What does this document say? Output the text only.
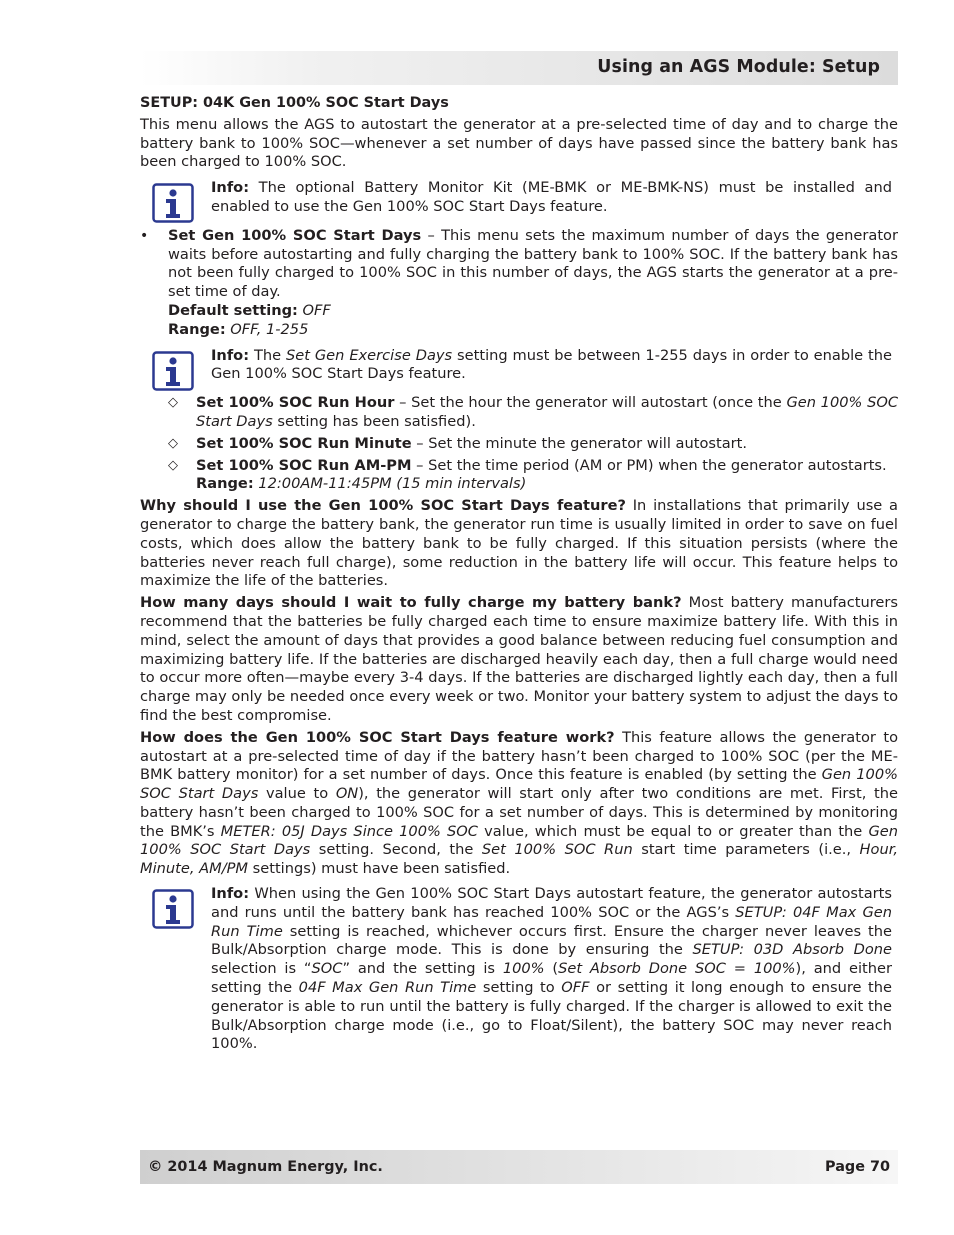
Using an AGS Module: Setup

SETUP: 04K Gen 100% SOC Start Days

This menu allows the AGS to autostart the generator at a pre-selected time of day and to charge the battery bank to 100% SOC—whenever a set number of days have passed since the battery bank has been charged to 100% SOC.

Info: The optional Battery Monitor Kit (ME-BMK or ME-BMK-NS) must be installed and enabled to use the Gen 100% SOC Start Days feature.

• Set Gen 100% SOC Start Days – This menu sets the maximum number of days the generator waits before autostarting and fully charging the battery bank to 100% SOC. If the battery bank has not been fully charged to 100% SOC in this number of days, the AGS starts the generator at a pre-set time of day.

Default setting: OFF

Range: OFF, 1-255

Info: The Set Gen Exercise Days setting must be between 1-255 days in order to enable the Gen 100% SOC Start Days feature.

◇ Set 100% SOC Run Hour – Set the hour the generator will autostart (once the Gen 100% SOC Start Days setting has been satisfied).

◇ Set 100% SOC Run Minute – Set the minute the generator will autostart.

◇ Set 100% SOC Run AM-PM – Set the time period (AM or PM) when the generator autostarts.

Range: 12:00AM-11:45PM (15 min intervals)

Why should I use the Gen 100% SOC Start Days feature? In installations that primarily use a generator to charge the battery bank, the generator run time is usually limited in order to save on fuel costs, which does allow the battery bank to be fully charged. If this situation persists (where the batteries never reach full charge), some reduction in the battery life will occur. This feature helps to maximize the life of the batteries.

How many days should I wait to fully charge my battery bank? Most battery manufacturers recommend that the batteries be fully charged each time to ensure maximize battery life. With this in mind, select the amount of days that provides a good balance between reducing fuel consumption and maximizing battery life. If the batteries are discharged heavily each day, then a full charge would need to occur more often—maybe every 3-4 days. If the batteries are discharged lightly each day, then a full charge may only be needed once every week or two. Monitor your battery system to adjust the days to find the best compromise.

How does the Gen 100% SOC Start Days feature work? This feature allows the generator to autostart at a pre-selected time of day if the battery hasn’t been charged to 100% SOC (per the ME-BMK battery monitor) for a set number of days. Once this feature is enabled (by setting the Gen 100% SOC Start Days value to ON), the generator will start only after two conditions are met. First, the battery hasn’t been charged to 100% SOC for a set number of days. This is determined by monitoring the BMK’s METER: 05J Days Since 100% SOC value, which must be equal to or greater than the Gen 100% SOC Start Days setting. Second, the Set 100% SOC Run start time parameters (i.e., Hour, Minute, AM/PM settings) must have been satisfied.

Info: When using the Gen 100% SOC Start Days autostart feature, the generator autostarts and runs until the battery bank has reached 100% SOC or the AGS’s SETUP: 04F Max Gen Run Time setting is reached, whichever occurs first. Ensure the charger never leaves the Bulk/Absorption charge mode. This is done by ensuring the SETUP: 03D Absorb Done selection is “SOC” and the setting is 100% (Set Absorb Done SOC = 100%), and either setting the 04F Max Gen Run Time setting to OFF or setting it long enough to ensure the generator is able to run until the battery is fully charged. If the charger is allowed to exit the Bulk/Absorption charge mode (i.e., go to Float/Silent), the battery SOC may never reach 100%.

© 2014 Magnum Energy, Inc.	Page 70
